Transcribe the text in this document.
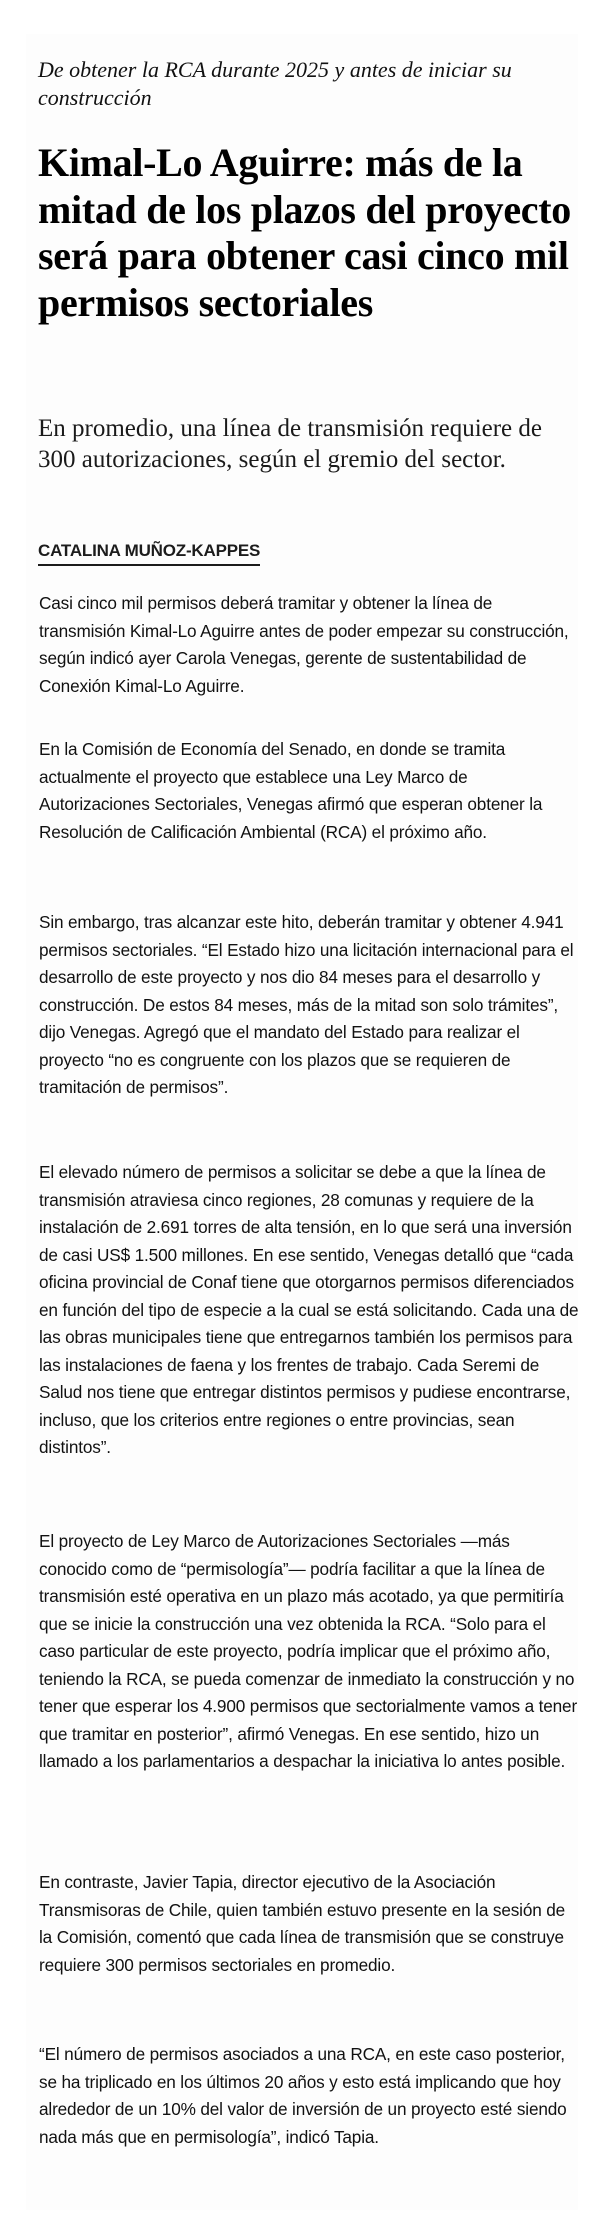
De obtener la RCA durante 2025 y antes de iniciar su construcción

Kimal-Lo Aguirre: más de la mitad de los plazos del proyecto será para obtener casi cinco mil permisos sectoriales

En promedio, una línea de transmisión requiere de 300 autorizaciones, según el gremio del sector.

CATALINA MUÑOZ-KAPPES

Casi cinco mil permisos deberá tramitar y obtener la línea de transmisión Kimal-Lo Aguirre antes de poder empezar su construcción, según indicó ayer Carola Venegas, gerente de sustentabilidad de Conexión Kimal-Lo Aguirre.

En la Comisión de Economía del Senado, en donde se tramita actualmente el proyecto que establece una Ley Marco de Autorizaciones Sectoriales, Venegas afirmó que esperan obtener la Resolución de Calificación Ambiental (RCA) el próximo año.

Sin embargo, tras alcanzar este hito, deberán tramitar y obtener 4.941 permisos sectoriales. “El Estado hizo una licitación internacional para el desarrollo de este proyecto y nos dio 84 meses para el desarrollo y construcción. De estos 84 meses, más de la mitad son solo trámites”, dijo Venegas. Agregó que el mandato del Estado para realizar el proyecto “no es congruente con los plazos que se requieren de tramitación de permisos”.

El elevado número de permisos a solicitar se debe a que la línea de transmisión atraviesa cinco regiones, 28 comunas y requiere de la instalación de 2.691 torres de alta tensión, en lo que será una inversión de casi US$ 1.500 millones. En ese sentido, Venegas detalló que “cada oficina provincial de Conaf tiene que otorgarnos permisos diferenciados en función del tipo de especie a la cual se está solicitando. Cada una de las obras municipales tiene que entregarnos también los permisos para las instalaciones de faena y los frentes de trabajo. Cada Seremi de Salud nos tiene que entregar distintos permisos y pudiese encontrarse, incluso, que los criterios entre regiones o entre provincias, sean distintos”.

El proyecto de Ley Marco de Autorizaciones Sectoriales —más conocido como de “permisología”— podría facilitar a que la línea de transmisión esté operativa en un plazo más acotado, ya que permitiría que se inicie la construcción una vez obtenida la RCA. “Solo para el caso particular de este proyecto, podría implicar que el próximo año, teniendo la RCA, se pueda comenzar de inmediato la construcción y no tener que esperar los 4.900 permisos que sectorialmente vamos a tener que tramitar en posterior”, afirmó Venegas. En ese sentido, hizo un llamado a los parlamentarios a despachar la iniciativa lo antes posible.

En contraste, Javier Tapia, director ejecutivo de la Asociación Transmisoras de Chile, quien también estuvo presente en la sesión de la Comisión, comentó que cada línea de transmisión que se construye requiere 300 permisos sectoriales en promedio.

“El número de permisos asociados a una RCA, en este caso posterior, se ha triplicado en los últimos 20 años y esto está implicando que hoy alrededor de un 10% del valor de inversión de un proyecto esté siendo nada más que en permisología”, indicó Tapia.
